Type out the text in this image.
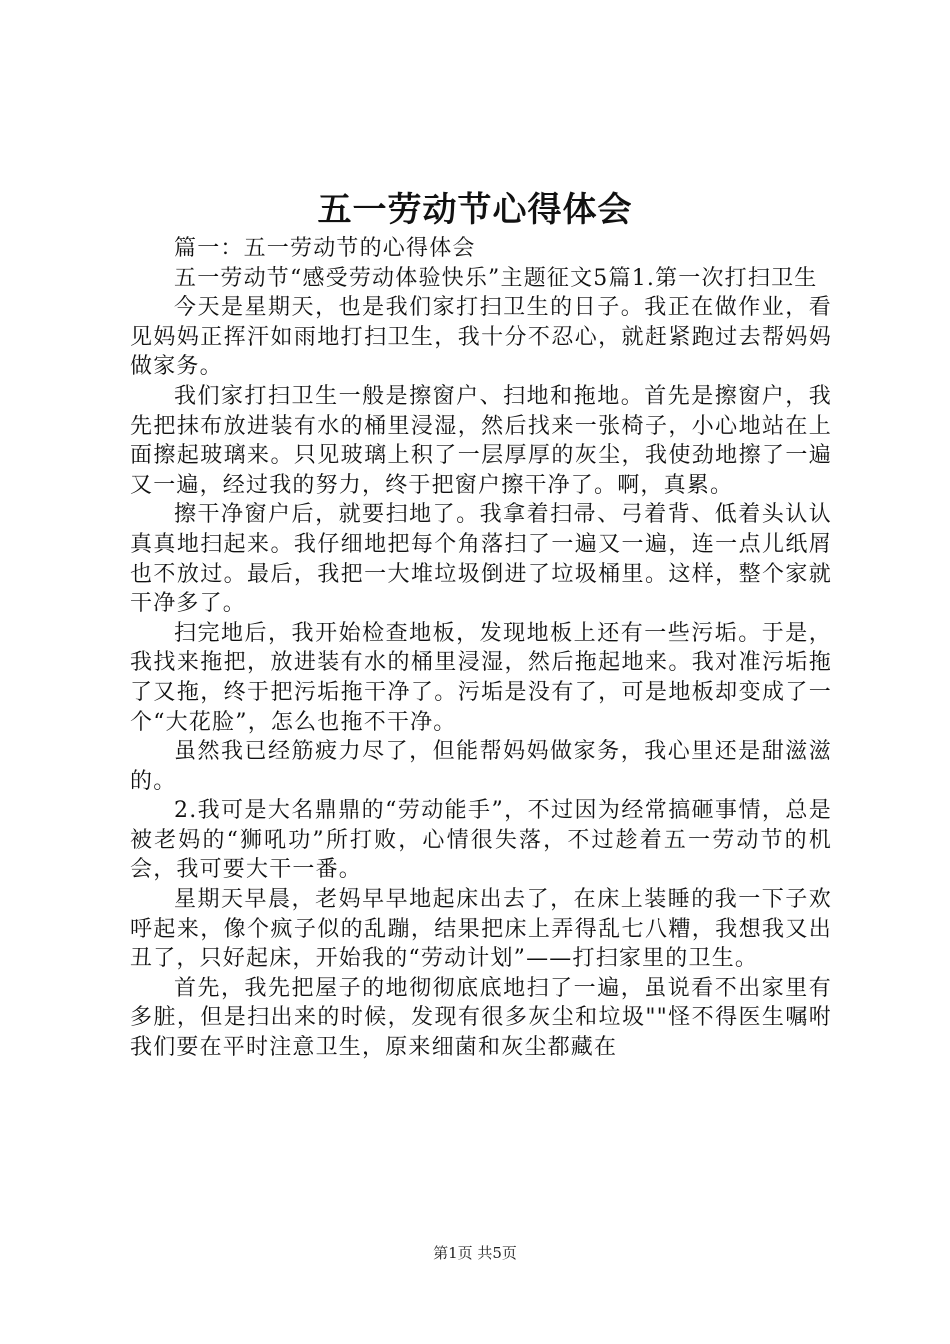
五一劳动节心得体会

篇一：五一劳动节的心得体会

五一劳动节“感受劳动体验快乐”主题征文5篇1.第一次打扫卫生

今天是星期天，也是我们家打扫卫生的日子。我正在做作业，看见妈妈正挥汗如雨地打扫卫生，我十分不忍心，就赶紧跑过去帮妈妈做家务。

我们家打扫卫生一般是擦窗户、扫地和拖地。首先是擦窗户，我先把抹布放进装有水的桶里浸湿，然后找来一张椅子，小心地站在上面擦起玻璃来。只见玻璃上积了一层厚厚的灰尘，我使劲地擦了一遍又一遍，经过我的努力，终于把窗户擦干净了。啊，真累。

擦干净窗户后，就要扫地了。我拿着扫帚、弓着背、低着头认认真真地扫起来。我仔细地把每个角落扫了一遍又一遍，连一点儿纸屑也不放过。最后，我把一大堆垃圾倒进了垃圾桶里。这样，整个家就干净多了。

扫完地后，我开始检查地板，发现地板上还有一些污垢。于是，我找来拖把，放进装有水的桶里浸湿，然后拖起地来。我对准污垢拖了又拖，终于把污垢拖干净了。污垢是没有了，可是地板却变成了一个“大花脸”，怎么也拖不干净。

虽然我已经筋疲力尽了，但能帮妈妈做家务，我心里还是甜滋滋的。

2.我可是大名鼎鼎的“劳动能手”，不过因为经常搞砸事情，总是被老妈的“狮吼功”所打败，心情很失落，不过趁着五一劳动节的机会，我可要大干一番。

星期天早晨，老妈早早地起床出去了，在床上装睡的我一下子欢呼起来，像个疯子似的乱蹦，结果把床上弄得乱七八糟，我想我又出丑了，只好起床，开始我的“劳动计划”——打扫家里的卫生。

首先，我先把屋子的地彻彻底底地扫了一遍，虽说看不出家里有多脏，但是扫出来的时候，发现有很多灰尘和垃圾""怪不得医生嘱咐我们要在平时注意卫生，原来细菌和灰尘都藏在

第1页 共5页
